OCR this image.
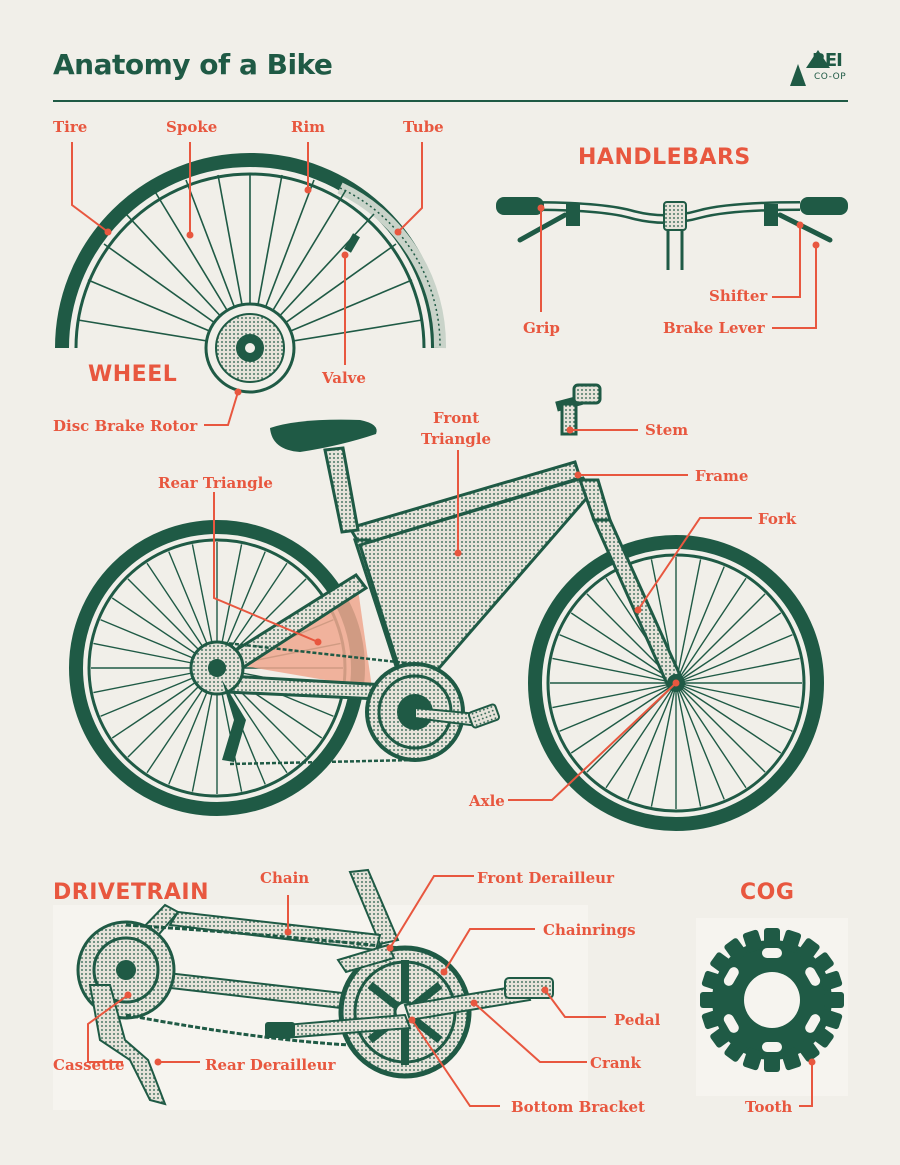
Anatomy of a Bike	REI
CO-OP
WHEEL
HANDLEBARS
DRIVETRAIN	COG
Tire	Spoke	Rim	Tube
Valve
Disc Brake Rotor
Grip
Shifter
Brake Lever
Front
Triangle
Rear Triangle
Stem
Frame
Fork
Axle
Chain	Front Derailleur
Chainrings
Pedal
Crank
Cassette	Rear Derailleur
Bottom Bracket	Tooth
